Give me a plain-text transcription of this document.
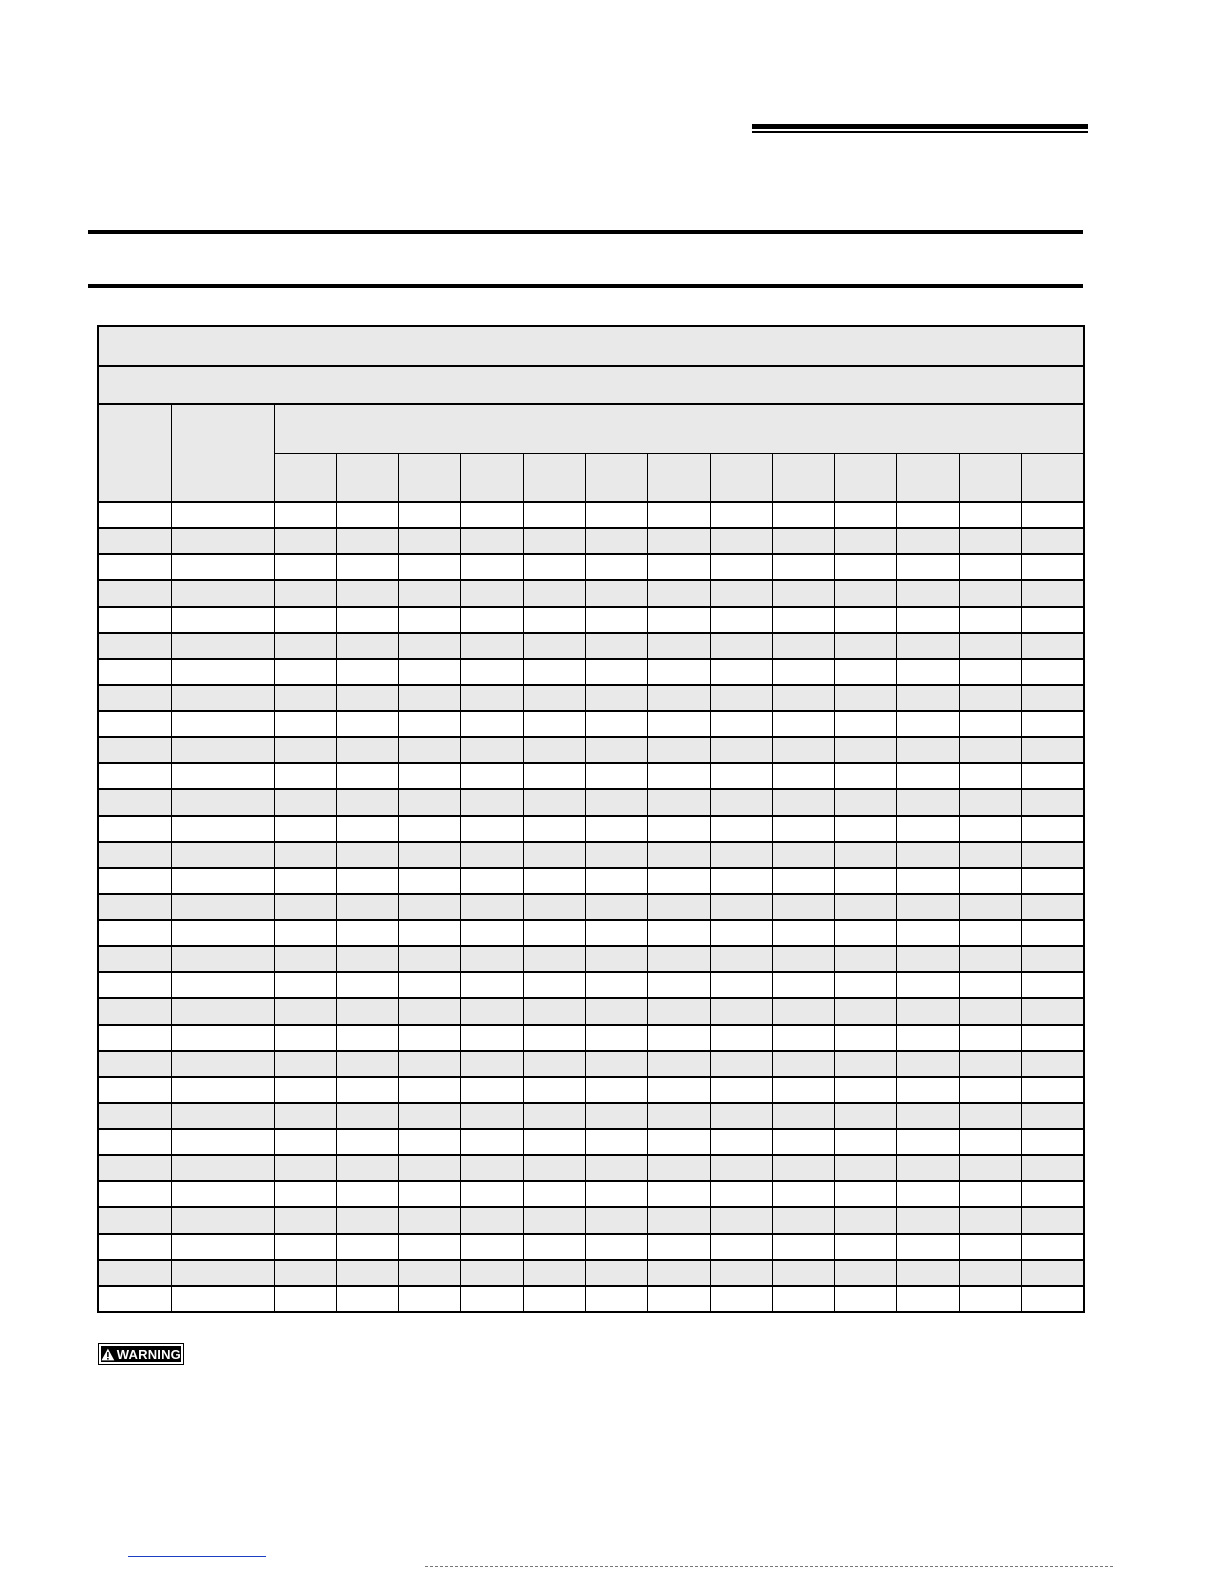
WARNING
